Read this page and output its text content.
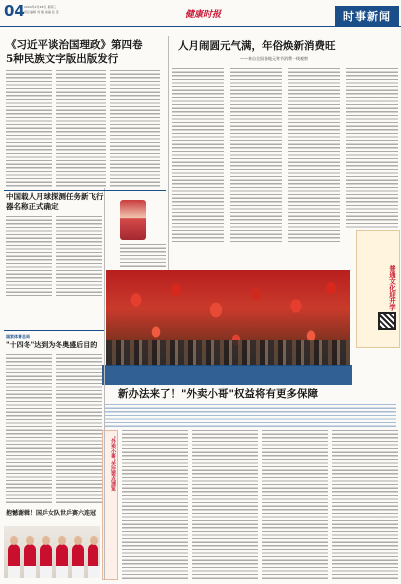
04 2024年2月28日 星期三
责任编辑 刘 瑞 美编 张 莹	健康时报	时事新闻
《习近平谈治国理政》第四卷
5种民族文字版出版发行
人月闹圆元气满，年俗焕新消费旺
——来自全国各地元宵节消费一线观察
中国载人月球探测任务新飞行器名称正式确定
普通文化迎开学
国家体育总局
"十四冬"达到为冬奥盛后目的
抱憾谢辑！国乒女队世乒赛六连冠
新办法来了！"外卖小哥"权益将有更多保障
"外卖小哥"关注要点速览
